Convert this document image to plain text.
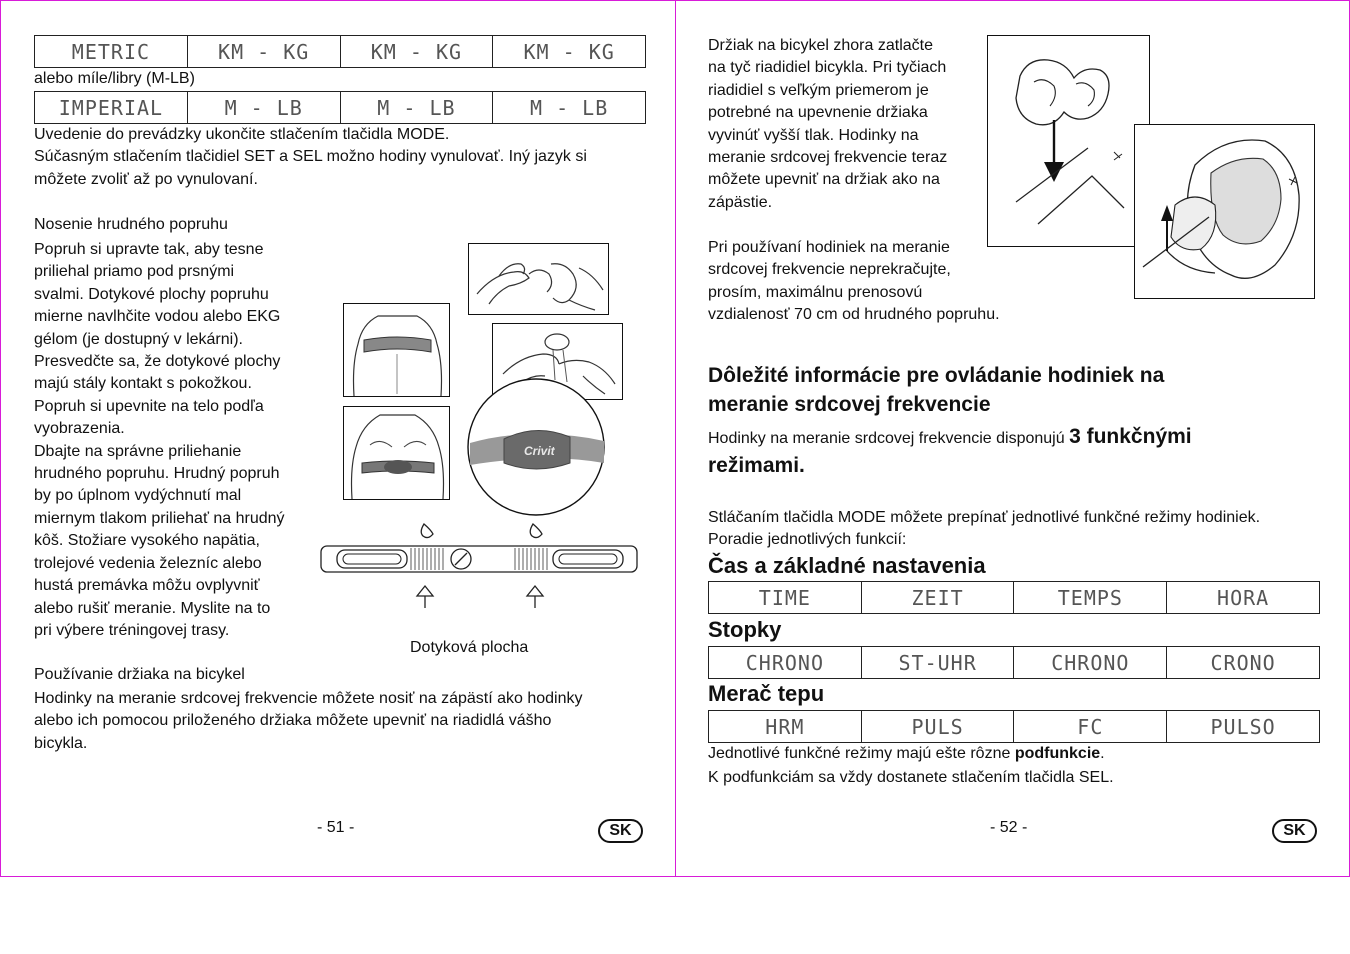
METRIC	KM - KG	KM - KG	KM - KG
alebo míle/libry (M-LB)
IMPERIAL	M - LB	M - LB	M - LB
Uvedenie do prevádzky ukončite stlačením tlačidla MODE.
Súčasným stlačením tlačidiel SET a SEL možno hodiny vynulovať. Iný jazyk si
môžete zvoliť až po vynulovaní.
Nosenie hrudného popruhu
Popruh si upravte tak, aby tesne
priliehal priamo pod prsnými
svalmi. Dotykové plochy popruhu
mierne navlhčite vodou alebo EKG
gélom (je dostupný v lekárni).
Presvedčte sa, že dotykové plochy
majú stály kontakt s pokožkou.
Popruh si upevnite na telo podľa
vyobrazenia.
Dbajte na správne priliehanie
hrudného popruhu. Hrudný popruh
by po úplnom vydýchnutí mal
miernym tlakom priliehať na hrudný
kôš. Stožiare vysokého napätia,
trolejové vedenia železníc alebo
hustá premávka môžu ovplyvniť
alebo rušiť meranie. Myslite na to
pri výbere tréningovej trasy.
Crivit
Dotyková plocha
Používanie držiaka na bicykel
Hodinky na meranie srdcovej frekvencie môžete nosiť na zápästí ako hodinky
alebo ich pomocou priloženého držiaka môžete upevniť na riadidlá vášho
bicykla.
- 51 -	SK
Držiak na bicykel zhora zatlačte
na tyč riadidiel bicykla. Pri tyčiach
riadidiel s veľkým priemerom je
potrebné na upevnenie držiaka
vyvinúť vyšší tlak. Hodinky na
meranie srdcovej frekvencie teraz
môžete upevniť na držiak ako na
zápästie.
Pri používaní hodiniek na meranie
srdcovej frekvencie neprekračujte,
prosím, maximálnu prenosovú
vzdialenosť 70 cm od hrudného popruhu.
Dôležité informácie pre ovládanie hodiniek na
meranie srdcovej frekvencie
Hodinky na meranie srdcovej frekvencie disponujú 3 funkčnými
režimami.
Stláčaním tlačidla MODE môžete prepínať jednotlivé funkčné režimy hodiniek.
Poradie jednotlivých funkcií:
Čas a základné nastavenia
TIME	ZEIT	TEMPS	HORA
Stopky
CHRONO	ST-UHR	CHRONO	CRONO
Merač tepu
HRM	PULS	FC	PULSO
Jednotlivé funkčné režimy majú ešte rôzne podfunkcie.
K podfunkciám sa vždy dostanete stlačením tlačidla SEL.
- 52 -	SK
